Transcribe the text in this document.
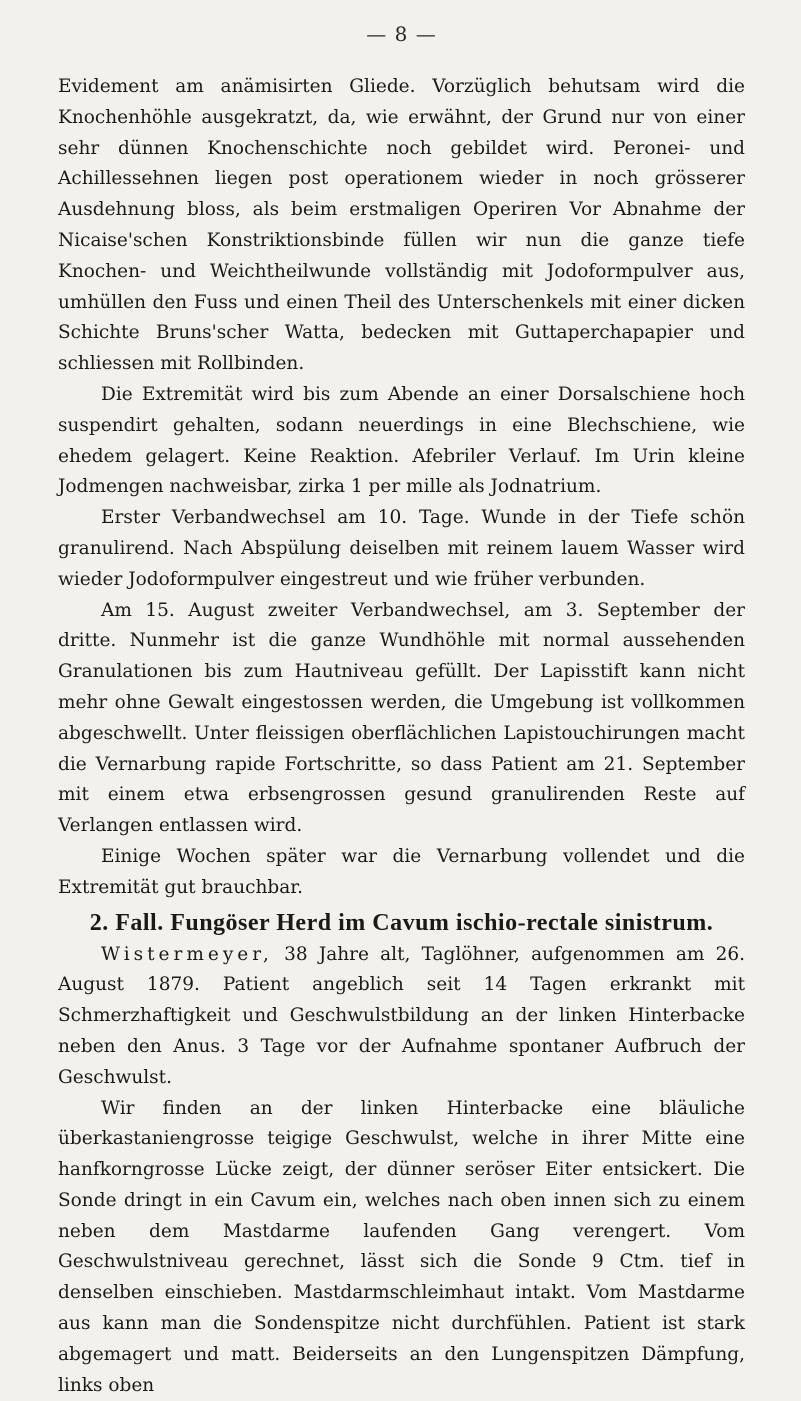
— 8 —

Evidement am anämisirten Gliede. Vorzüglich behutsam wird die Knochenhöhle ausgekratzt, da, wie erwähnt, der Grund nur von einer sehr dünnen Knochenschichte noch gebildet wird. Peronei- und Achillessehnen liegen post operationem wieder in noch grösserer Ausdehnung bloss, als beim erstmaligen Operiren Vor Abnahme der Nicaise'schen Konstriktionsbinde füllen wir nun die ganze tiefe Knochen- und Weichtheilwunde vollständig mit Jodoformpulver aus, umhüllen den Fuss und einen Theil des Unterschenkels mit einer dicken Schichte Bruns'scher Watta, bedecken mit Guttaperchapapier und schliessen mit Rollbinden.

Die Extremität wird bis zum Abende an einer Dorsalschiene hoch suspendirt gehalten, sodann neuerdings in eine Blechschiene, wie ehedem gelagert. Keine Reaktion. Afebriler Verlauf. Im Urin kleine Jodmengen nachweisbar, zirka 1 per mille als Jodnatrium.

Erster Verbandwechsel am 10. Tage. Wunde in der Tiefe schön granulirend. Nach Abspülung deiselben mit reinem lauem Wasser wird wieder Jodoformpulver eingestreut und wie früher verbunden.

Am 15. August zweiter Verbandwechsel, am 3. September der dritte. Nunmehr ist die ganze Wundhöhle mit normal aussehenden Granulationen bis zum Hautniveau gefüllt. Der Lapisstift kann nicht mehr ohne Gewalt eingestossen werden, die Umgebung ist vollkommen abgeschwellt. Unter fleissigen oberflächlichen Lapistouchirungen macht die Vernarbung rapide Fortschritte, so dass Patient am 21. September mit einem etwa erbsengrossen gesund granulirenden Reste auf Verlangen entlassen wird.

Einige Wochen später war die Vernarbung vollendet und die Extremität gut brauchbar.

2. Fall. Fungöser Herd im Cavum ischio-rectale sinistrum.

Wistermeyer, 38 Jahre alt, Taglöhner, aufgenommen am 26. August 1879. Patient angeblich seit 14 Tagen erkrankt mit Schmerzhaftigkeit und Geschwulstbildung an der linken Hinterbacke neben den Anus. 3 Tage vor der Aufnahme spontaner Aufbruch der Geschwulst.

Wir finden an der linken Hinterbacke eine bläuliche überkastaniengrosse teigige Geschwulst, welche in ihrer Mitte eine hanfkorngrosse Lücke zeigt, der dünner seröser Eiter entsickert. Die Sonde dringt in ein Cavum ein, welches nach oben innen sich zu einem neben dem Mastdarme laufenden Gang verengert. Vom Geschwulstniveau gerechnet, lässt sich die Sonde 9 Ctm. tief in denselben einschieben. Mastdarmschleimhaut intakt. Vom Mastdarme aus kann man die Sondenspitze nicht durchfühlen. Patient ist stark abgemagert und matt. Beiderseits an den Lungenspitzen Dämpfung, links oben
